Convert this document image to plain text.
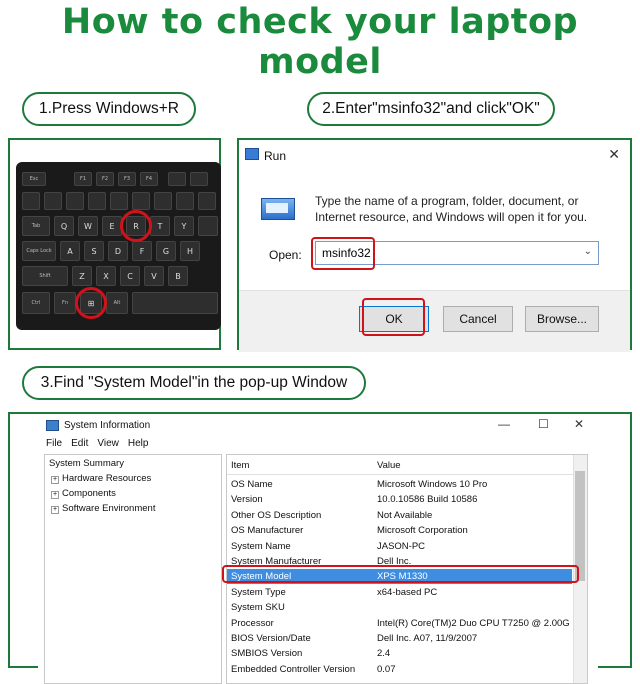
How to check your laptop model
1.Press Windows+R	2.Enter"msinfo32"and click"OK"
Esc	F1	F2	F3	F4
Tab	Q	W	E	R	T	Y
Caps Lock	A	S	D	F	G	H
Shift	Z	X	C	V	B
Ctrl	Fn	⊞	Alt
Run	✕
Type the name of a program, folder, document, or Internet resource, and Windows will open it for you.
Open:	msinfo32	⌄
OK	Cancel	Browse...
3.Find "System Model"in the pop-up Window
System Information	— ☐ ✕
File Edit View Help
System Summary
+ Hardware Resources
+ Components
+ Software Environment
Item	Value
OS Name	Microsoft Windows 10 Pro
Version	10.0.10586 Build 10586
Other OS Description	Not Available
OS Manufacturer	Microsoft Corporation
System Name	JASON-PC
System Manufacturer	Dell Inc.
System Model	XPS M1330
System Type	x64-based PC
System SKU
Processor	Intel(R) Core(TM)2 Duo CPU T7250 @ 2.00G
BIOS Version/Date	Dell Inc. A07, 11/9/2007
SMBIOS Version	2.4
Embedded Controller Version 0.07
